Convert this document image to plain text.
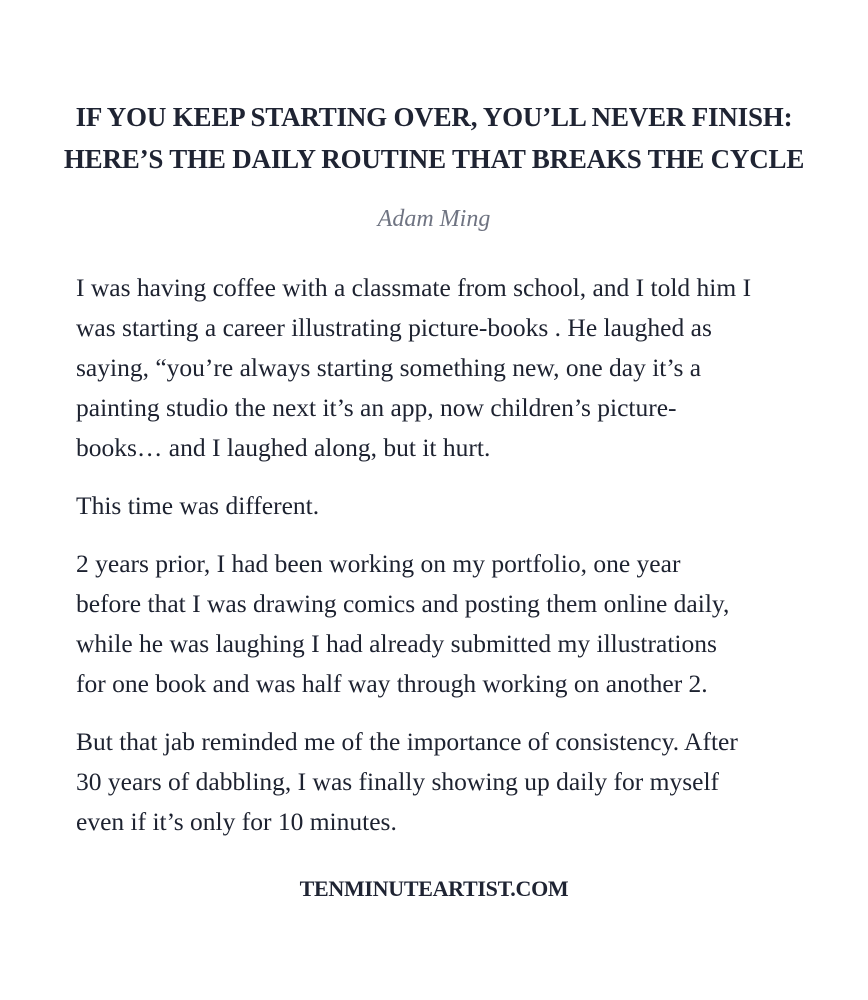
IF YOU KEEP STARTING OVER, YOU’LL NEVER FINISH:
HERE’S THE DAILY ROUTINE THAT BREAKS THE CYCLE

Adam Ming

I was having coffee with a classmate from school, and I told him I
was starting a career illustrating picture-books . He laughed as
saying, “you’re always starting something new, one day it’s a
painting studio the next it’s an app, now children’s picture-
books… and I laughed along, but it hurt.

This time was different.

2 years prior, I had been working on my portfolio, one year
before that I was drawing comics and posting them online daily,
while he was laughing I had already submitted my illustrations
for one book and was half way through working on another 2.

But that jab reminded me of the importance of consistency. After
30 years of dabbling, I was finally showing up daily for myself
even if it’s only for 10 minutes.

TENMINUTEARTIST.COM
